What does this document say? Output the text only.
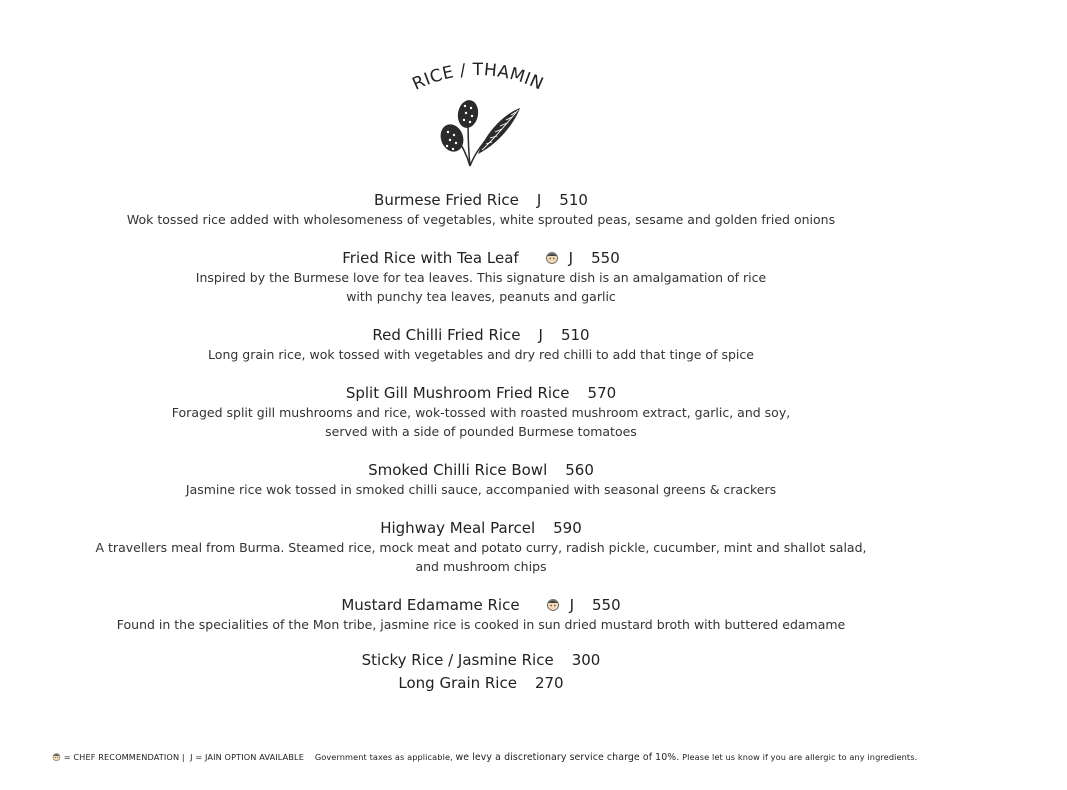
RICE / THAMIN
Burmese Fried Rice J 510
Wok tossed rice added with wholesomeness of vegetables, white sprouted peas, sesame and golden fried onions
Fried Rice with Tea Leaf	J 550
Inspired by the Burmese love for tea leaves. This signature dish is an amalgamation of rice
with punchy tea leaves, peanuts and garlic
Red Chilli Fried Rice J 510
Long grain rice, wok tossed with vegetables and dry red chilli to add that tinge of spice
Split Gill Mushroom Fried Rice 570
Foraged split gill mushrooms and rice, wok-tossed with roasted mushroom extract, garlic, and soy,
served with a side of pounded Burmese tomatoes
Smoked Chilli Rice Bowl 560
Jasmine rice wok tossed in smoked chilli sauce, accompanied with seasonal greens & crackers
Highway Meal Parcel 590
A travellers meal from Burma. Steamed rice, mock meat and potato curry, radish pickle, cucumber, mint and shallot salad,
and mushroom chips
Mustard Edamame Rice	J 550
Found in the specialities of the Mon tribe, jasmine rice is cooked in sun dried mustard broth with buttered edamame
Sticky Rice / Jasmine Rice 300
Long Grain Rice 270
= CHEF RECOMMENDATION | J = JAIN OPTION AVAILABLE Government taxes as applicable, we levy a discretionary service charge of 10%. Please let us know if you are allergic to any ingredients.
